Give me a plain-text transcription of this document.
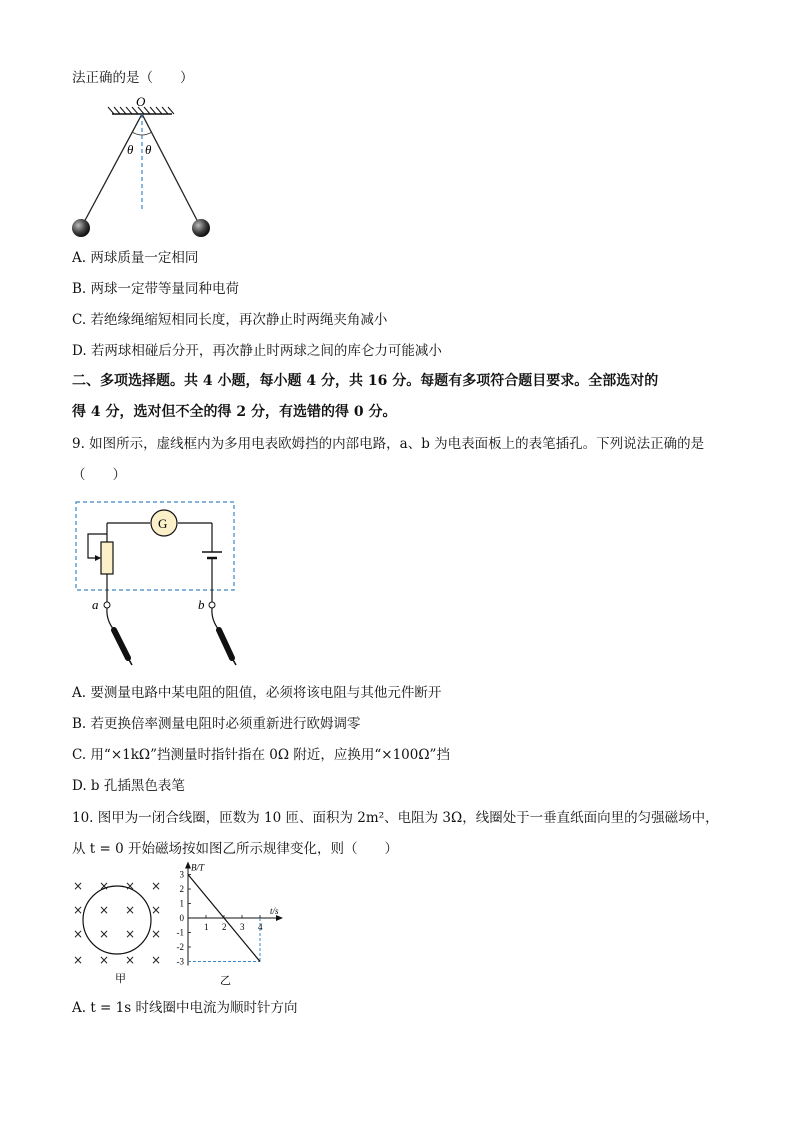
法正确的是（　　）
O
θ θ
A. 两球质量一定相同
B. 两球一定带等量同种电荷
C. 若绝缘绳缩短相同长度，再次静止时两绳夹角减小
D. 若两球相碰后分开，再次静止时两球之间的库仑力可能减小
二、多项选择题。共 4 小题，每小题 4 分，共 16 分。每题有多项符合题目要求。全部选对的
得 4 分，选对但不全的得 2 分，有选错的得 0 分。
9. 如图所示，虚线框内为多用电表欧姆挡的内部电路，a、b 为电表面板上的表笔插孔。下列说法正确的是
（　　）
G
a	b
A. 要测量电路中某电阻的阻值，必须将该电阻与其他元件断开
B. 若更换倍率测量电阻时必须重新进行欧姆调零
C. 用“×1kΩ”挡测量时指针指在 0Ω 附近，应换用“×100Ω”挡
D. b 孔插黑色表笔
10. 图甲为一闭合线圈，匝数为 10 匝、面积为 2m²、电阻为 3Ω，线圈处于一垂直纸面向里的匀强磁场中，
从 t = 0 开始磁场按如图乙所示规律变化，则（　　）
× × × ×
× × × ×
× × × ×
× × × ×
甲
B/T
t/s
3
2
1
0
-1
-2
-3
1 2 3 4
乙
A. t = 1s 时线圈中电流为顺时针方向
